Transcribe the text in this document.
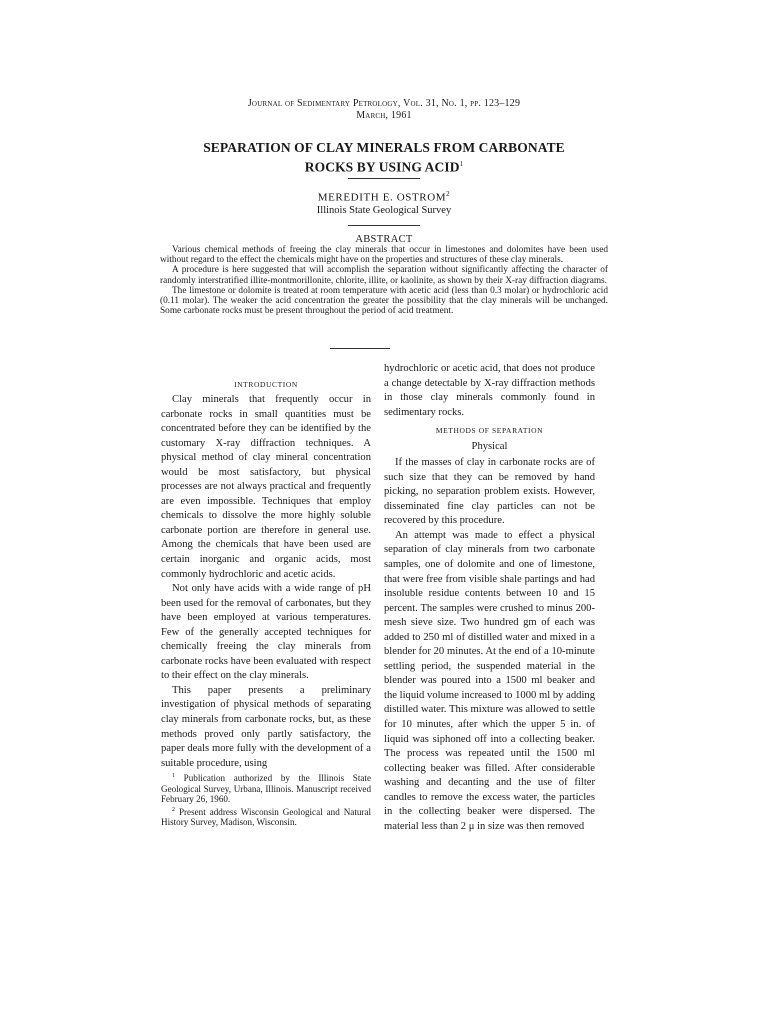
Journal of Sedimentary Petrology, Vol. 31, No. 1, pp. 123–129
March, 1961
SEPARATION OF CLAY MINERALS FROM CARBONATE
ROCKS BY USING ACID$^1$
MEREDITH E. OSTROM$^2$
Illinois State Geological Survey
ABSTRACT

Various chemical methods of freeing the clay minerals that occur in limestones and dolomites have been used without regard to the effect the chemicals might have on the properties and structures of these clay minerals.

A procedure is here suggested that will accomplish the separation without significantly affecting the character of randomly interstratified illite-montmorillonite, chlorite, illite, or kaolinite, as shown by their X-ray diffraction diagrams.

The limestone or dolomite is treated at room temperature with acetic acid (less than 0.3 molar) or hydrochloric acid (0.11 molar). The weaker the acid concentration the greater the possibility that the clay minerals will be unchanged. Some carbonate rocks must be present throughout the period of acid treatment.

INTRODUCTION

Clay minerals that frequently occur in carbonate rocks in small quantities must be concentrated before they can be identified by the customary X-ray diffraction techniques. A physical method of clay mineral concentration would be most satisfactory, but physical processes are not always practical and frequently are even impossible. Techniques that employ chemicals to dissolve the more highly soluble carbonate portion are therefore in general use. Among the chemicals that have been used are certain inorganic and organic acids, most commonly hydrochloric and acetic acids.

Not only have acids with a wide range of pH been used for the removal of carbonates, but they have been employed at various temperatures. Few of the generally accepted techniques for chemically freeing the clay minerals from carbonate rocks have been evaluated with respect to their effect on the clay minerals.

This paper presents a preliminary investigation of physical methods of separating clay minerals from carbonate rocks, but, as these methods proved only partly satisfactory, the paper deals more fully with the development of a suitable procedure, using

$^1$ Publication authorized by the Illinois State Geological Survey, Urbana, Illinois. Manuscript received February 26, 1960.

$^2$ Present address Wisconsin Geological and Natural History Survey, Madison, Wisconsin.

hydrochloric or acetic acid, that does not produce a change detectable by X-ray diffraction methods in those clay minerals commonly found in sedimentary rocks.

METHODS OF SEPARATION
Physical

If the masses of clay in carbonate rocks are of such size that they can be removed by hand picking, no separation problem exists. However, disseminated fine clay particles can not be recovered by this procedure.

An attempt was made to effect a physical separation of clay minerals from two carbonate samples, one of dolomite and one of limestone, that were free from visible shale partings and had insoluble residue contents between 10 and 15 percent. The samples were crushed to minus 200-mesh sieve size. Two hundred gm of each was added to 250 ml of distilled water and mixed in a blender for 20 minutes. At the end of a 10-minute settling period, the suspended material in the blender was poured into a 1500 ml beaker and the liquid volume increased to 1000 ml by adding distilled water. This mixture was allowed to settle for 10 minutes, after which the upper 5 in. of liquid was siphoned off into a collecting beaker. The process was repeated until the 1500 ml collecting beaker was filled. After considerable washing and decanting and the use of filter candles to remove the excess water, the particles in the collecting beaker were dispersed. The material less than 2 μ in size was then removed
